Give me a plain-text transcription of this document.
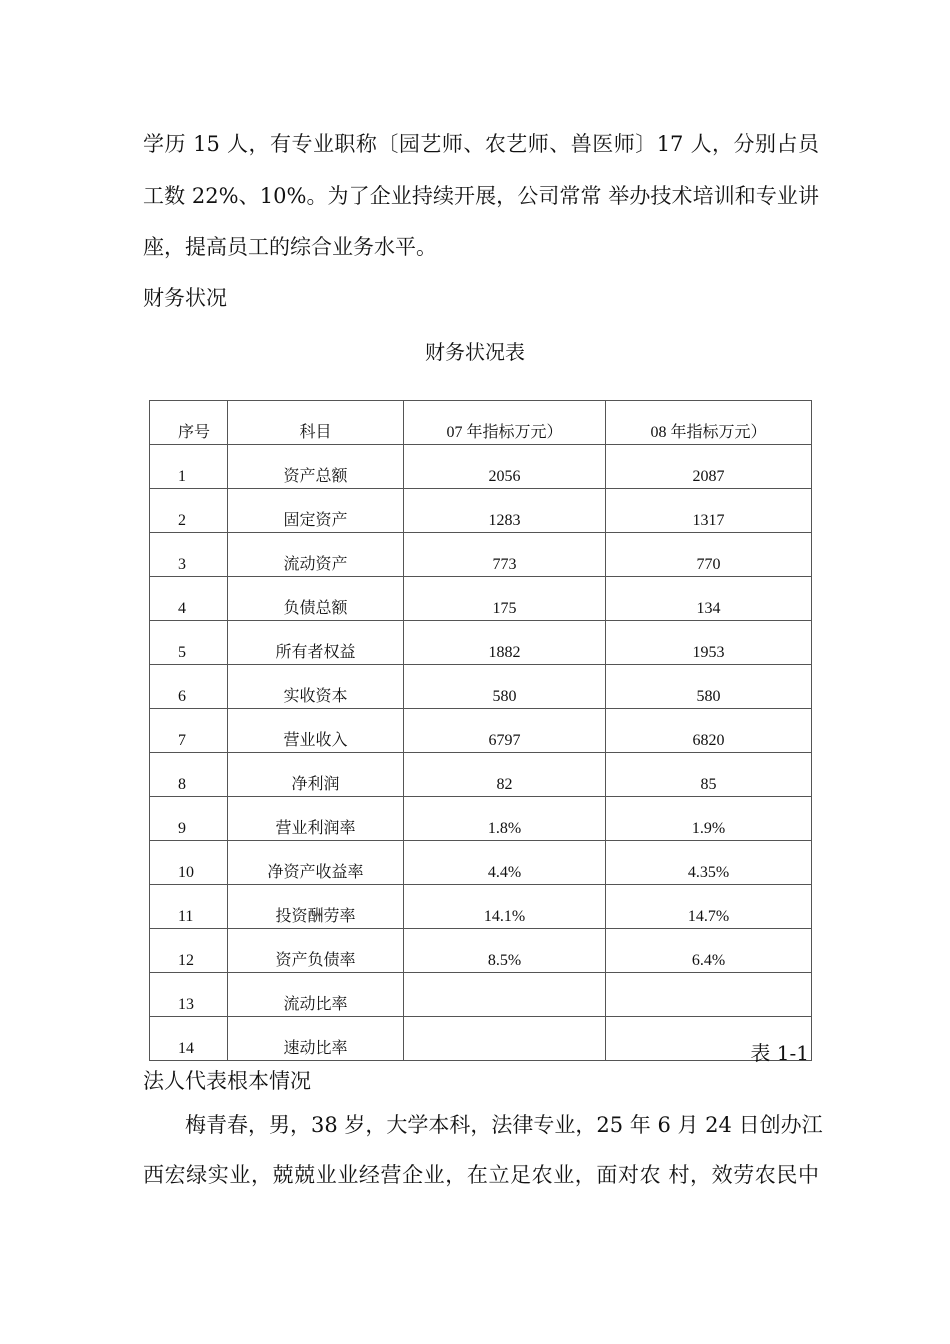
学历 15 人，有专业职称〔园艺师、农艺师、兽医师〕17 人，分别占员
工数 22%、10%。为了企业持续开展，公司常常 举办技术培训和专业讲
座，提高员工的综合业务水平。
财务状况
财务状况表
序号	科目	07 年指标万元）	08 年指标万元）
1	资产总额	2056	2087
2	固定资产	1283	1317
3	流动资产	773	770
4	负债总额	175	134
5	所有者权益	1882	1953
6	实收资本	580	580
7	营业收入	6797	6820
8	净利润	82	85
9	营业利润率	1.8%	1.9%
10	净资产收益率	4.4%	4.35%
11	投资酬劳率	14.1%	14.7%
12	资产负债率	8.5%	6.4%
13	流动比率		
14	速动比率			表 1-1
法人代表根本情况
梅青春，男，38 岁，大学本科，法律专业，25 年 6 月 24 日创办江
西宏绿实业，兢兢业业经营企业，在立足农业，面对农 村，效劳农民中
